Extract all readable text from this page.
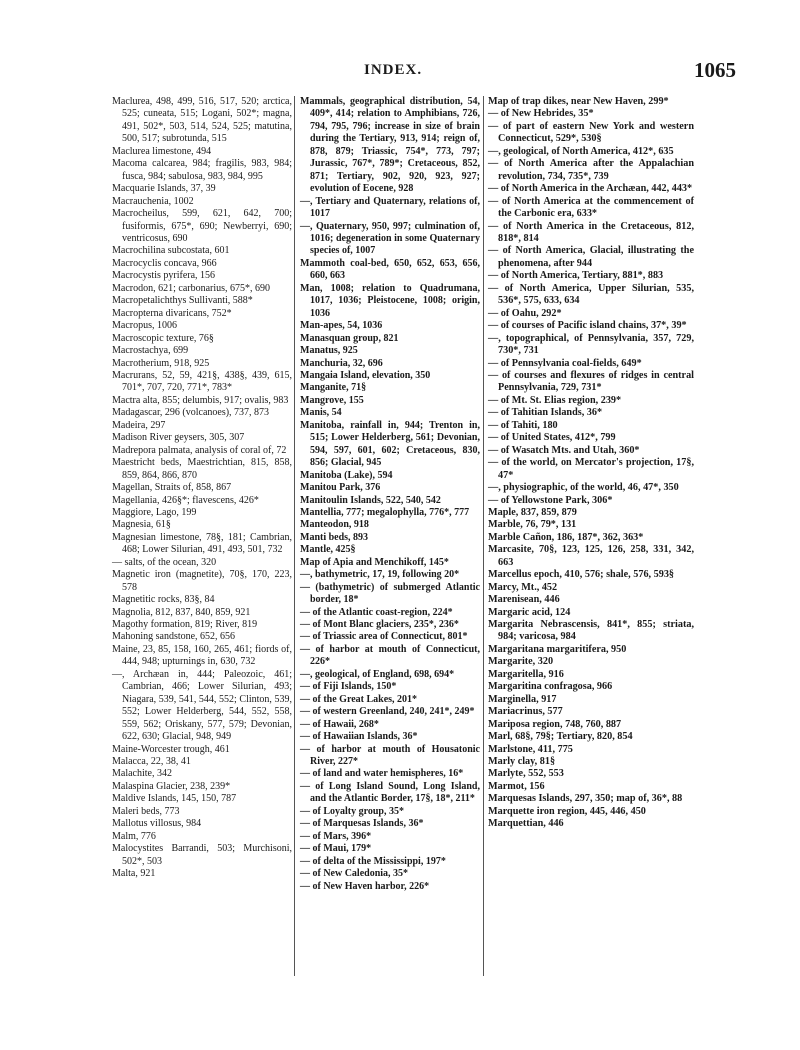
INDEX.	1065

Maclurea, 498, 499, 516, 517, 520; arctica, 525; cuneata, 515; Logani, 502*; magna, 491, 502*, 503, 514, 524, 525; matutina, 500, 517; subrotunda, 515

Maclurea limestone, 494

Macoma calcarea, 984; fragilis, 983, 984; fusca, 984; sabulosa, 983, 984, 995

Macquarie Islands, 37, 39

Macrauchenia, 1002

Macrocheilus, 599, 621, 642, 700; fusiformis, 675*, 690; Newberryi, 690; ventricosus, 690

Macrochilina subcostata, 601

Macrocyclis concava, 966

Macrocystis pyrifera, 156

Macrodon, 621; carbonarius, 675*, 690

Macropetalichthys Sullivanti, 588*

Macropterna divaricans, 752*

Macropus, 1006

Macroscopic texture, 76§

Macrostachya, 699

Macrotherium, 918, 925

Macrurans, 52, 59, 421§, 438§, 439, 615, 701*, 707, 720, 771*, 783*

Mactra alta, 855; delumbis, 917; ovalis, 983

Madagascar, 296 (volcanoes), 737, 873

Madeira, 297

Madison River geysers, 305, 307

Madrepora palmata, analysis of coral of, 72

Maestricht beds, Maestrichtian, 815, 858, 859, 864, 866, 870

Magellan, Straits of, 858, 867

Magellania, 426§*; flavescens, 426*

Maggiore, Lago, 199

Magnesia, 61§

Magnesian limestone, 78§, 181; Cambrian, 468; Lower Silurian, 491, 493, 501, 732

— salts, of the ocean, 320

Magnetic iron (magnetite), 70§, 170, 223, 578

Magnetitic rocks, 83§, 84

Magnolia, 812, 837, 840, 859, 921

Magothy formation, 819; River, 819

Mahoning sandstone, 652, 656

Maine, 23, 85, 158, 160, 265, 461; fiords of, 444, 948; upturnings in, 630, 732

—, Archæan in, 444; Paleozoic, 461; Cambrian, 466; Lower Silurian, 493; Niagara, 539, 541, 544, 552; Clinton, 539, 552; Lower Helderberg, 544, 552, 558, 559, 562; Oriskany, 577, 579; Devonian, 622, 630; Glacial, 948, 949

Maine-Worcester trough, 461

Malacca, 22, 38, 41

Malachite, 342

Malaspina Glacier, 238, 239*

Maldive Islands, 145, 150, 787

Maleri beds, 773

Mallotus villosus, 984

Malm, 776

Malocystites Barrandi, 503; Murchisoni, 502*, 503

Malta, 921

Mammals, geographical distribution, 54, 409*, 414; relation to Amphibians, 726, 794, 795, 796; increase in size of brain during the Tertiary, 913, 914; reign of, 878, 879; Triassic, 754*, 773, 797; Jurassic, 767*, 789*; Cretaceous, 852, 871; Tertiary, 902, 920, 923, 927; evolution of Eocene, 928

—, Tertiary and Quaternary, relations of, 1017

—, Quaternary, 950, 997; culmination of, 1016; degeneration in some Quaternary species of, 1007

Mammoth coal-bed, 650, 652, 653, 656, 660, 663

Man, 1008; relation to Quadrumana, 1017, 1036; Pleistocene, 1008; origin, 1036

Man-apes, 54, 1036

Manasquan group, 821

Manatus, 925

Manchuria, 32, 696

Mangaia Island, elevation, 350

Manganite, 71§

Mangrove, 155

Manis, 54

Manitoba, rainfall in, 944; Trenton in, 515; Lower Helderberg, 561; Devonian, 594, 597, 601, 602; Cretaceous, 830, 856; Glacial, 945

Manitoba (Lake), 594

Manitou Park, 376

Manitoulin Islands, 522, 540, 542

Mantellia, 777; megalophylla, 776*, 777

Manteodon, 918

Manti beds, 893

Mantle, 425§

Map of Apia and Menchikoff, 145*

—, bathymetric, 17, 19, following 20*

— (bathymetric) of submerged Atlantic border, 18*

— of the Atlantic coast-region, 224*

— of Mont Blanc glaciers, 235*, 236*

— of Triassic area of Connecticut, 801*

— of harbor at mouth of Connecticut, 226*

—, geological, of England, 698, 694*

— of Fiji Islands, 150*

— of the Great Lakes, 201*

— of western Greenland, 240, 241*, 249*

— of Hawaii, 268*

— of Hawaiian Islands, 36*

— of harbor at mouth of Housatonic River, 227*

— of land and water hemispheres, 16*

— of Long Island Sound, Long Island, and the Atlantic Border, 17§, 18*, 211*

— of Loyalty group, 35*

— of Marquesas Islands, 36*

— of Mars, 396*

— of Maui, 179*

— of delta of the Mississippi, 197*

— of New Caledonia, 35*

— of New Haven harbor, 226*

Map of trap dikes, near New Haven, 299*

— of New Hebrides, 35*

— of part of eastern New York and western Connecticut, 529*, 530§

—, geological, of North America, 412*, 635

— of North America after the Appalachian revolution, 734, 735*, 739

— of North America in the Archæan, 442, 443*

— of North America at the commencement of the Carbonic era, 633*

— of North America in the Cretaceous, 812, 818*, 814

— of North America, Glacial, illustrating the phenomena, after 944

— of North America, Tertiary, 881*, 883

— of North America, Upper Silurian, 535, 536*, 575, 633, 634

— of Oahu, 292*

— of courses of Pacific island chains, 37*, 39*

—, topographical, of Pennsylvania, 357, 729, 730*, 731

— of Pennsylvania coal-fields, 649*

— of courses and flexures of ridges in central Pennsylvania, 729, 731*

— of Mt. St. Elias region, 239*

— of Tahitian Islands, 36*

— of Tahiti, 180

— of United States, 412*, 799

— of Wasatch Mts. and Utah, 360*

— of the world, on Mercator's projection, 17§, 47*

—, physiographic, of the world, 46, 47*, 350

— of Yellowstone Park, 306*

Maple, 837, 859, 879

Marble, 76, 79*, 131

Marble Cañon, 186, 187*, 362, 363*

Marcasite, 70§, 123, 125, 126, 258, 331, 342, 663

Marcellus epoch, 410, 576; shale, 576, 593§

Marcy, Mt., 452

Marenisean, 446

Margaric acid, 124

Margarita Nebrascensis, 841*, 855; striata, 984; varicosa, 984

Margaritana margaritifera, 950

Margarite, 320

Margaritella, 916

Margaritina confragosa, 966

Marginella, 917

Mariacrinus, 577

Mariposa region, 748, 760, 887

Marl, 68§, 79§; Tertiary, 820, 854

Marlstone, 411, 775

Marly clay, 81§

Marlyte, 552, 553

Marmot, 156

Marquesas Islands, 297, 350; map of, 36*, 88

Marquette iron region, 445, 446, 450

Marquettian, 446
